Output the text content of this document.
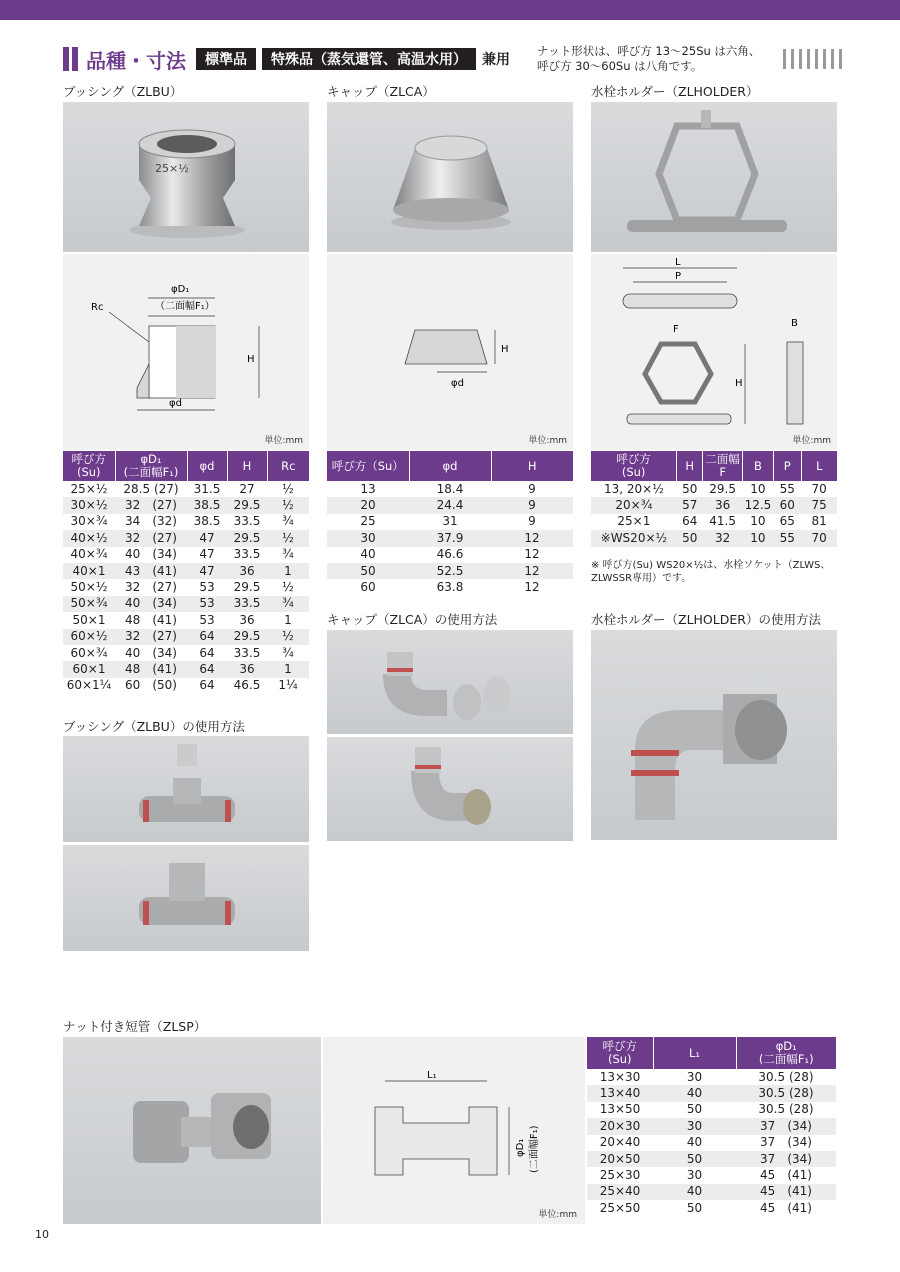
品種・寸法	標準品	特殊品（蒸気還管、高温水用）	兼用
ナット形状は、呼び方 13〜25Su は六角、
呼び方 30〜60Su は八角です。
ブッシング（ZLBU）
25×½
φD₁
（二面幅F₁）
Rc
H
φd
単位:mm
呼び方
(Su)	φD₁
(二面幅F₁)	φd	H	Rc
25×½	28.5 (27)	31.5	27	½
30×½	32　(27)	38.5	29.5	½
30×¾	34　(32)	38.5	33.5	¾
40×½	32　(27)	47	29.5	½
40×¾	40　(34)	47	33.5	¾
40×1	43　(41)	47	36	1
50×½	32　(27)	53	29.5	½
50×¾	40　(34)	53	33.5	¾
50×1	48　(41)	53	36	1
60×½	32　(27)	64	29.5	½
60×¾	40　(34)	64	33.5	¾
60×1	48　(41)	64	36	1
60×1¼	60　(50)	64	46.5	1¼
ブッシング（ZLBU）の使用方法
キャップ（ZLCA）
H
φd
単位:mm
呼び方（Su）	φd	H
13	18.4	9
20	24.4	9
25	31	9
30	37.9	12
40	46.6	12
50	52.5	12
60	63.8	12
キャップ（ZLCA）の使用方法
水栓ホルダー（ZLHOLDER）
L
P
F
H
B
単位:mm
呼び方
(Su)	H	二面幅F	B	P	L
13, 20×½	50	29.5	10	55	70
20×¾	57	36	12.5	60	75
25×1	64	41.5	10	65	81
※WS20×½	50	32	10	55	70
※ 呼び方(Su) WS20×½は、水栓ソケット（ZLWS、ZLWSSR専用）です。
水栓ホルダー（ZLHOLDER）の使用方法
ナット付き短管（ZLSP）
L₁
φD₁ (二面幅F₁)
単位:mm
呼び方
(Su)	L₁	φD₁
(二面幅F₁)
13×30	30	30.5 (28)
13×40	40	30.5 (28)
13×50	50	30.5 (28)
20×30	30	37　(34)
20×40	40	37　(34)
20×50	50	37　(34)
25×30	30	45　(41)
25×40	40	45　(41)
25×50	50	45　(41)
10
